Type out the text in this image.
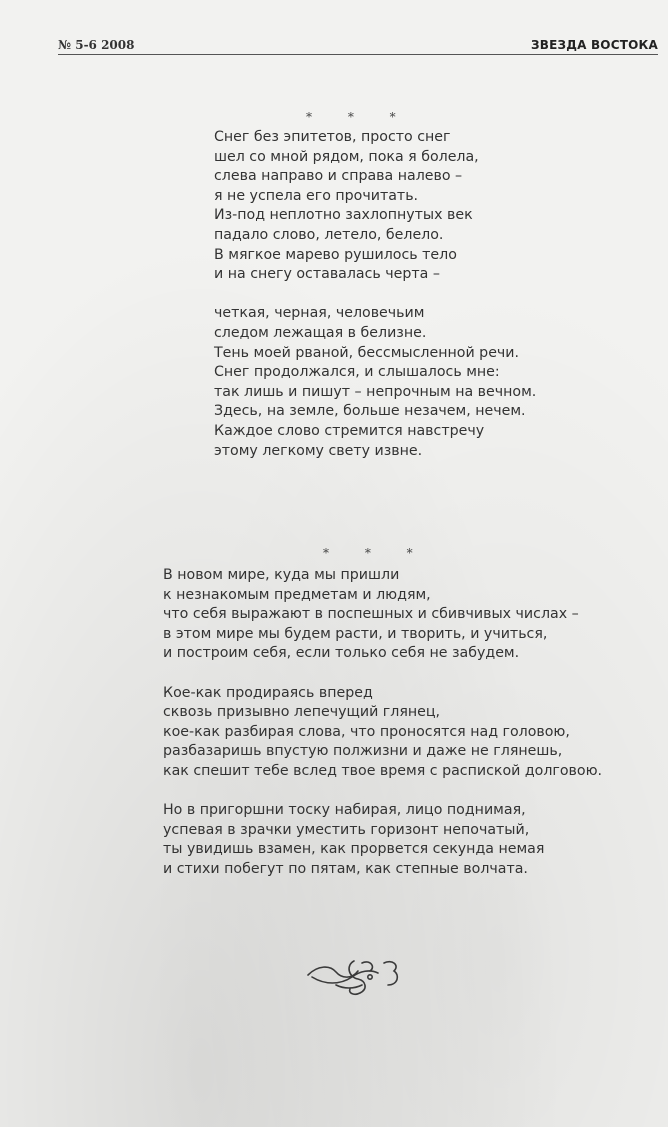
№ 5-6 2008	ЗВЕЗДА ВОСТОКА
* * *
Снег без эпитетов, просто снег
шел со мной рядом, пока я болела,
слева направо и справа налево –
я не успела его прочитать.
Из-под неплотно захлопнутых век
падало слово, летело, белело.
В мягкое марево рушилось тело
и на снегу оставалась черта –
четкая, черная, человечьим
следом лежащая в белизне.
Тень моей рваной, бессмысленной речи.
Снег продолжался, и слышалось мне:
так лишь и пишут – непрочным на вечном.
Здесь, на земле, больше незачем, нечем.
Каждое слово стремится навстречу
этому легкому свету извне.
* * *
В новом мире, куда мы пришли
к незнакомым предметам и людям,
что себя выражают в поспешных и сбивчивых числах –
в этом мире мы будем расти, и творить, и учиться,
и построим себя, если только себя не забудем.
Кое-как продираясь вперед
сквозь призывно лепечущий глянец,
кое-как разбирая слова, что проносятся над головою,
разбазаришь впустую полжизни и даже не глянешь,
как спешит тебе вслед твое время с распиской долговою.
Но в пригоршни тоску набирая, лицо поднимая,
успевая в зрачки уместить горизонт непочатый,
ты увидишь взамен, как прорвется секунда немая
и стихи побегут по пятам, как степные волчата.
